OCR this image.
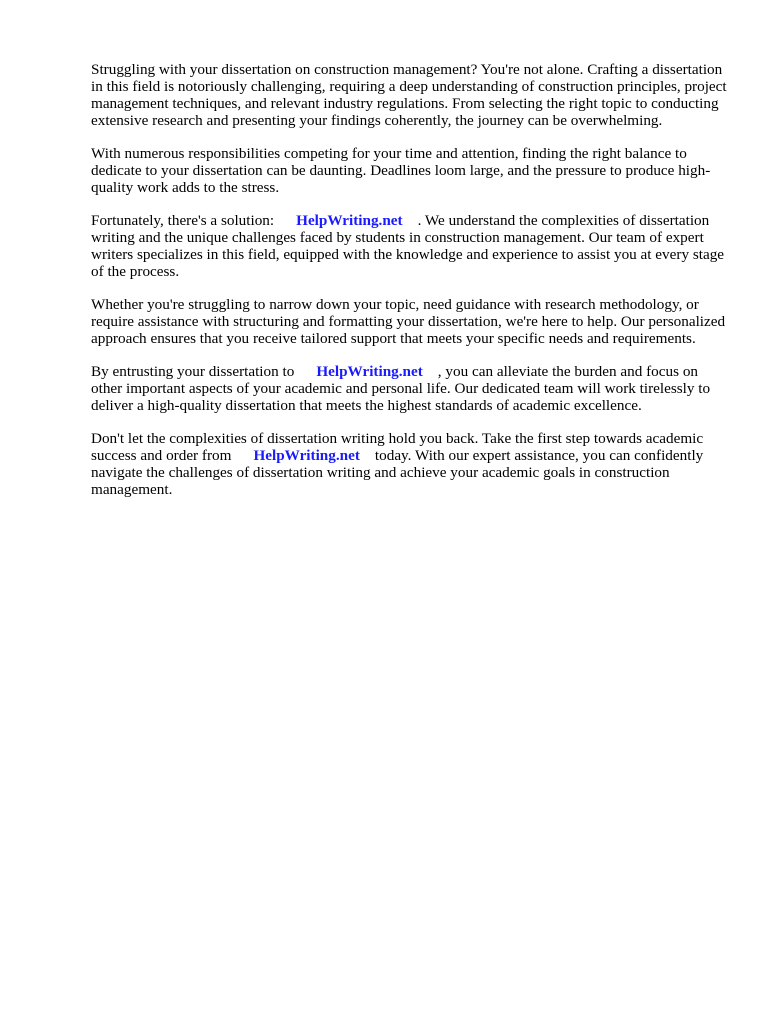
Struggling with your dissertation on construction management? You're not alone. Crafting a dissertation in this field is notoriously challenging, requiring a deep understanding of construction principles, project management techniques, and relevant industry regulations. From selecting the right topic to conducting extensive research and presenting your findings coherently, the journey can be overwhelming.

With numerous responsibilities competing for your time and attention, finding the right balance to dedicate to your dissertation can be daunting. Deadlines loom large, and the pressure to produce high-quality work adds to the stress.

Fortunately, there's a solution: HelpWriting.net . We understand the complexities of dissertation writing and the unique challenges faced by students in construction management. Our team of expert writers specializes in this field, equipped with the knowledge and experience to assist you at every stage of the process.

Whether you're struggling to narrow down your topic, need guidance with research methodology, or require assistance with structuring and formatting your dissertation, we're here to help. Our personalized approach ensures that you receive tailored support that meets your specific needs and requirements.

By entrusting your dissertation to HelpWriting.net , you can alleviate the burden and focus on other important aspects of your academic and personal life. Our dedicated team will work tirelessly to deliver a high-quality dissertation that meets the highest standards of academic excellence.

Don't let the complexities of dissertation writing hold you back. Take the first step towards academic success and order from HelpWriting.net today. With our expert assistance, you can confidently navigate the challenges of dissertation writing and achieve your academic goals in construction management.
